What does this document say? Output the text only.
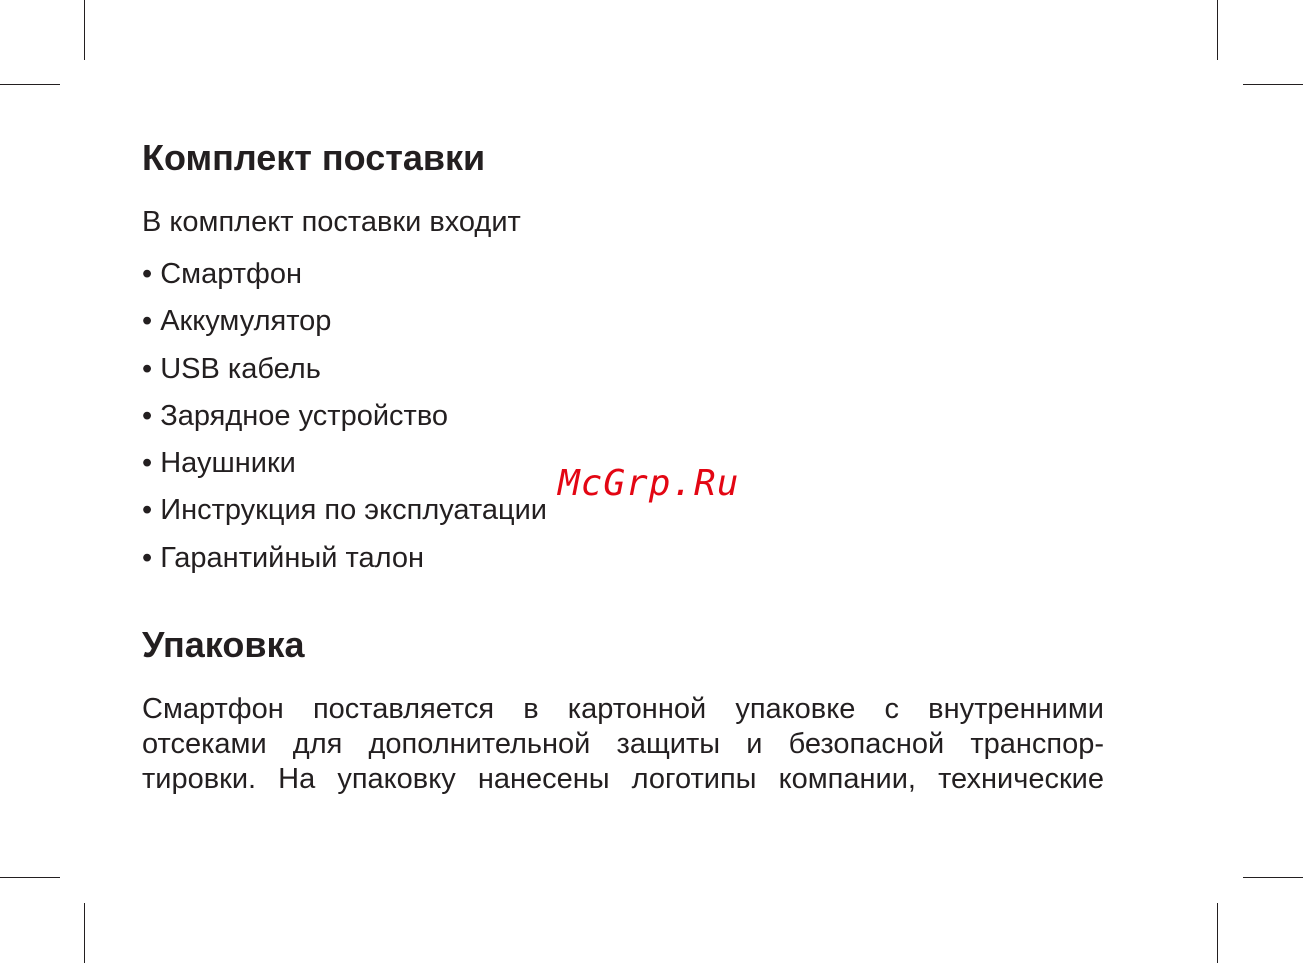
Комплект поставки

В комплект поставки входит

• Смартфон
• Аккумулятор
• USB кабель
• Зарядное устройство
• Наушники
• Инструкция по эксплуатации
• Гарантийный талон
Упаковка

Смартфон поставляется в картонной упаковке с внутренними отсеками для дополнительной защиты и безопасной транспор-тировки. На упаковку нанесены логотипы компании, технические

McGrp.Ru
